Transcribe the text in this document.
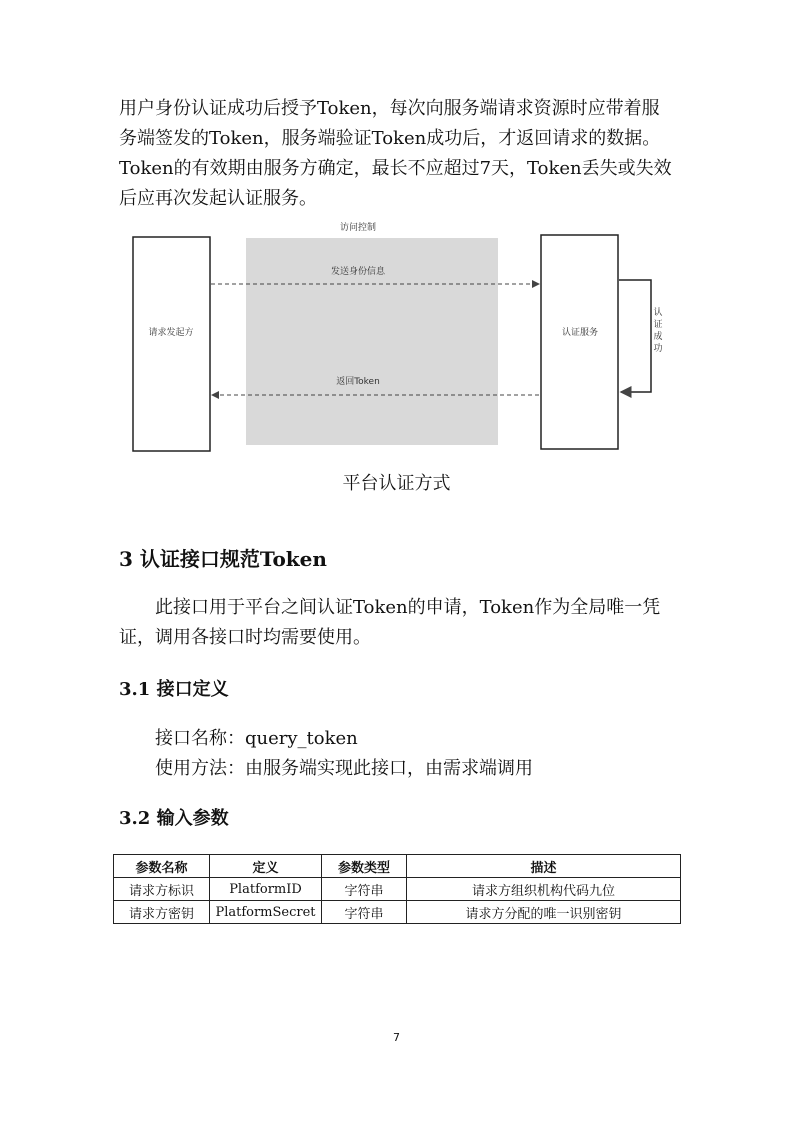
用户身份认证成功后授予Token，每次向服务端请求资源时应带着服
务端签发的Token，服务端验证Token成功后，才返回请求的数据。
Token的有效期由服务方确定，最长不应超过7天，Token丢失或失效
后应再次发起认证服务。

访问控制
请求发起方	认证服务
发送身份信息
返回Token
认
证
成
功

平台认证方式

3 认证接口规范Token

此接口用于平台之间认证Token的申请，Token作为全局唯一凭
证，调用各接口时均需要使用。

3.1 接口定义

接口名称：query_token

使用方法：由服务端实现此接口，由需求端调用

3.2 输入参数
参数名称	定义	参数类型	描述
请求方标识	PlatformID	字符串	请求方组织机构代码九位
请求方密钥	PlatformSecret	字符串	请求方分配的唯一识别密钥
7
